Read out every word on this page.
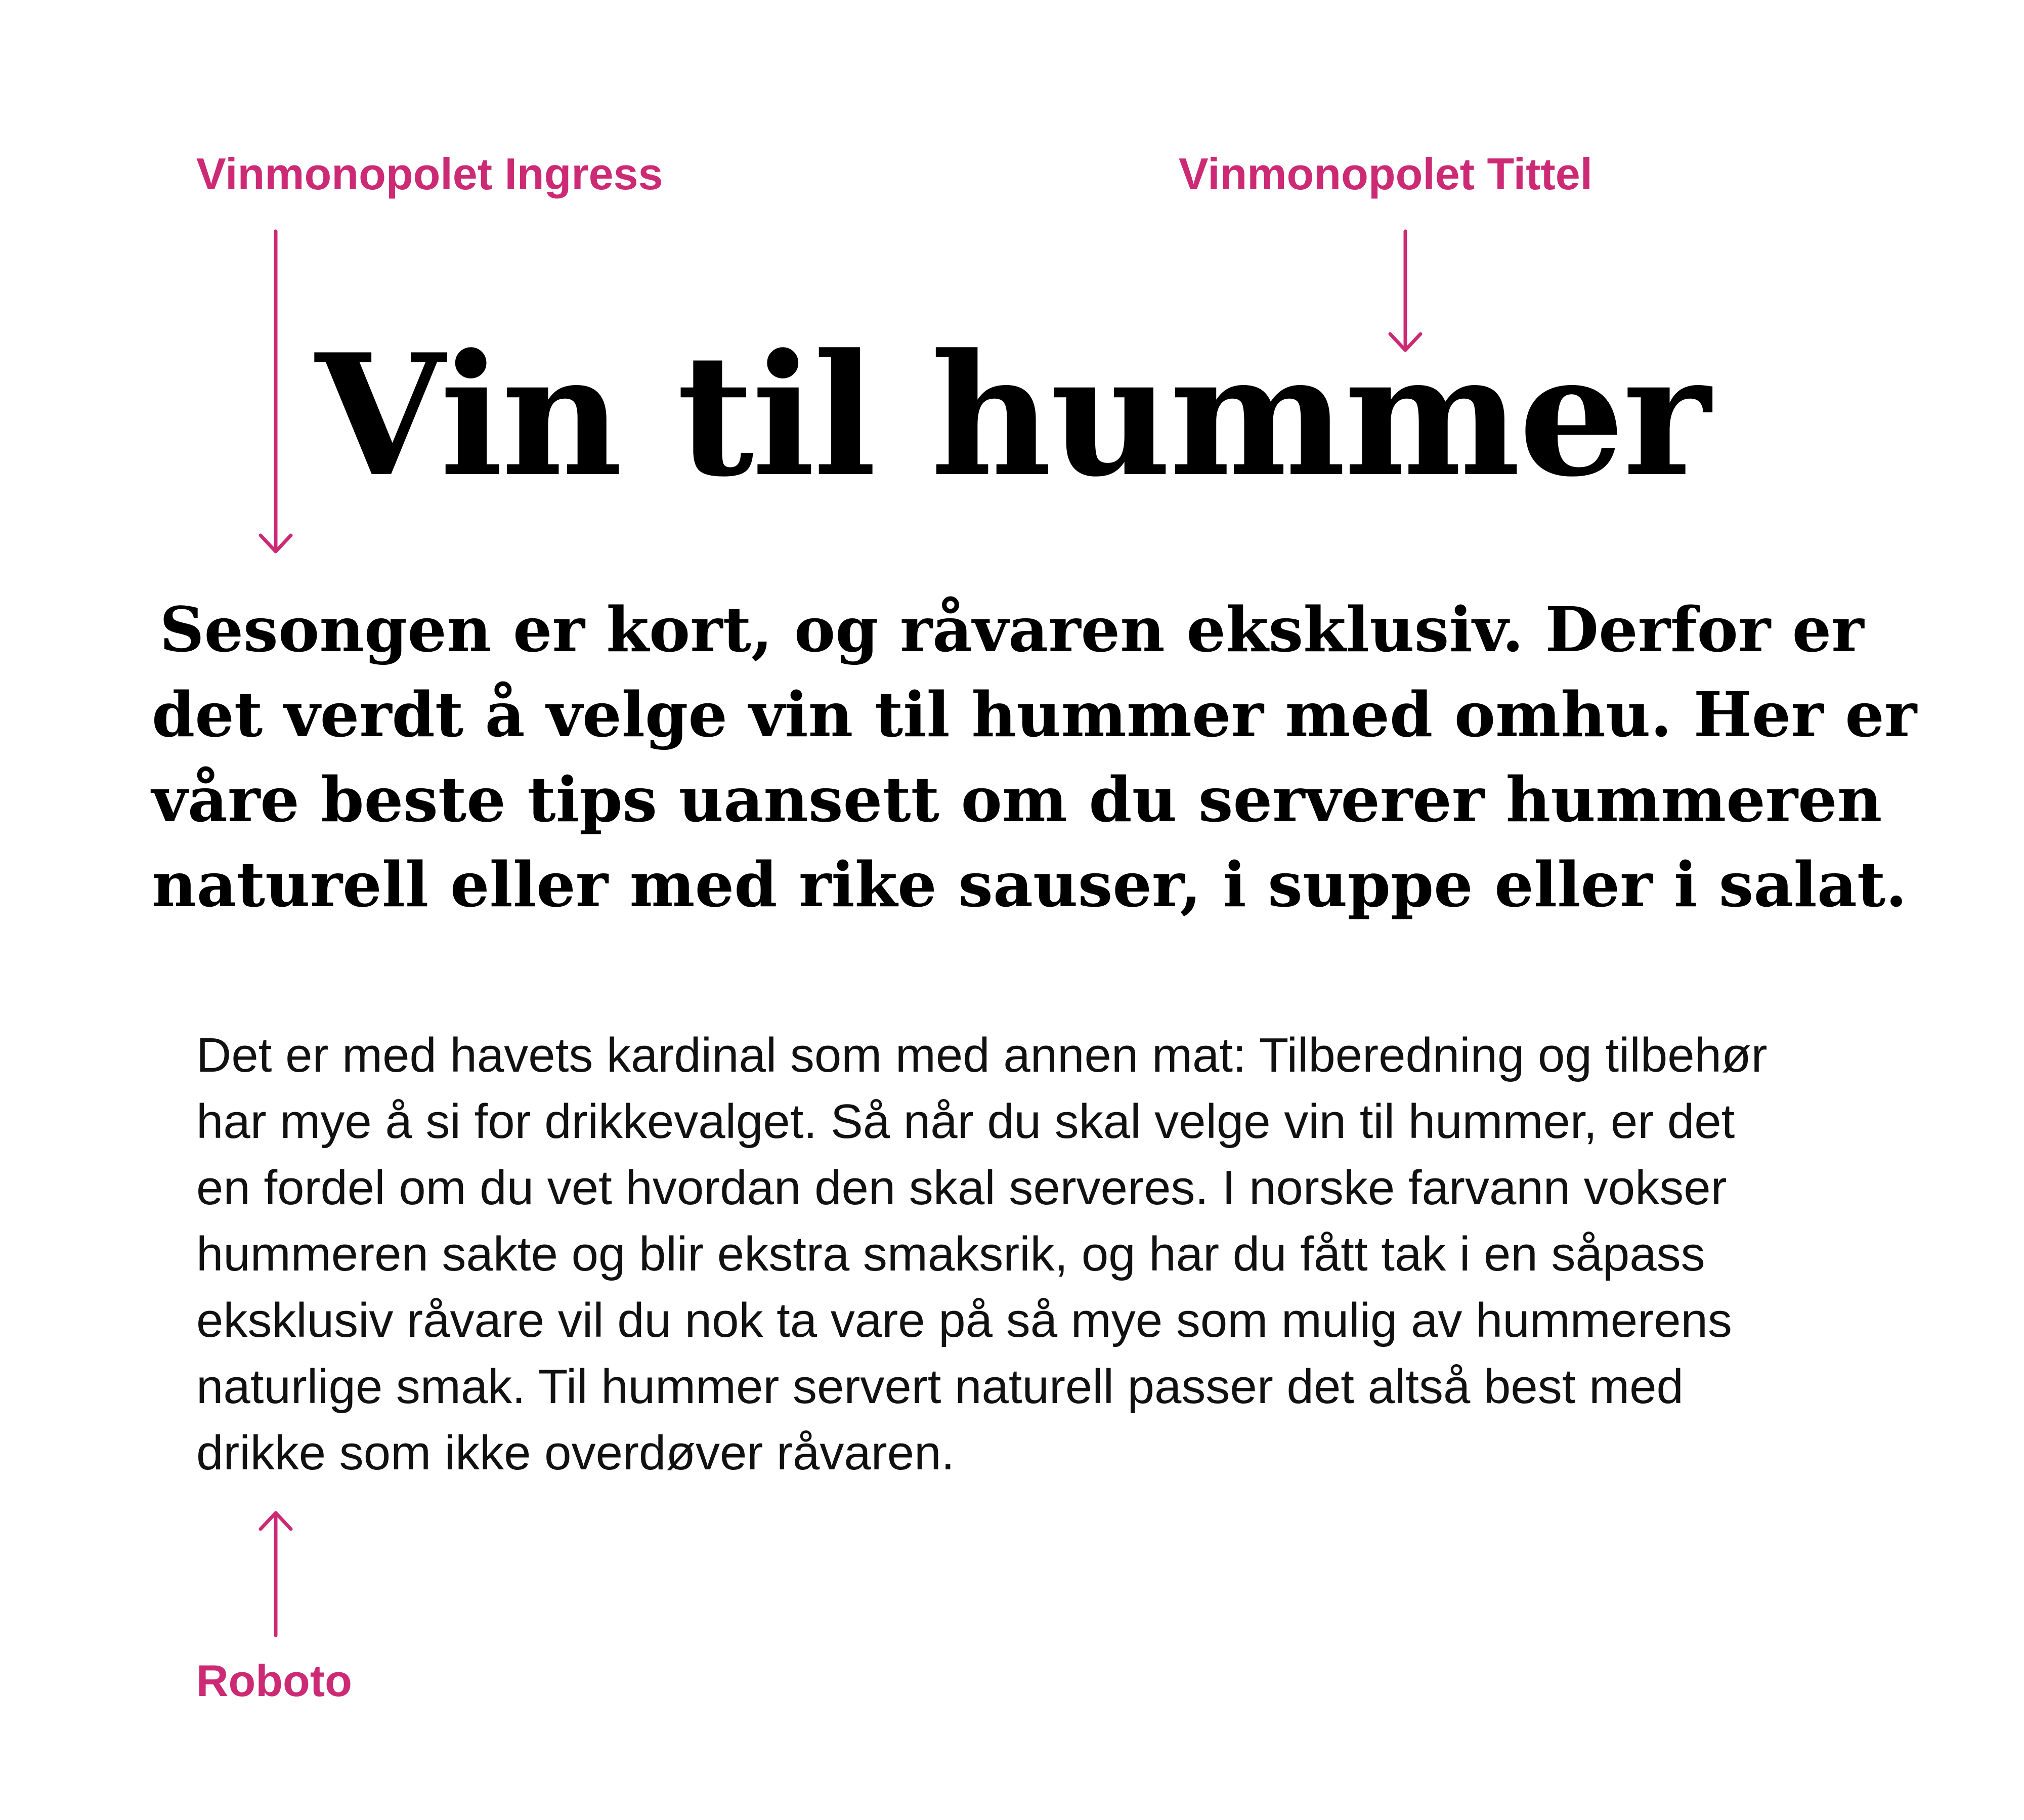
Vinmonopolet Ingress	Vinmonopolet Tittel
Vin til hummer
Sesongen er kort, og råvaren eksklusiv. Derfor er
det verdt å velge vin til hummer med omhu. Her er
våre beste tips uansett om du serverer hummeren
naturell eller med rike sauser, i suppe eller i salat.
Det er med havets kardinal som med annen mat: Tilberedning og tilbehør
har mye å si for drikkevalget. Så når du skal velge vin til hummer, er det
en fordel om du vet hvordan den skal serveres. I norske farvann vokser
hummeren sakte og blir ekstra smaksrik, og har du fått tak i en såpass
eksklusiv råvare vil du nok ta vare på så mye som mulig av hummerens
naturlige smak. Til hummer servert naturell passer det altså best med
drikke som ikke overdøver råvaren.
Roboto
